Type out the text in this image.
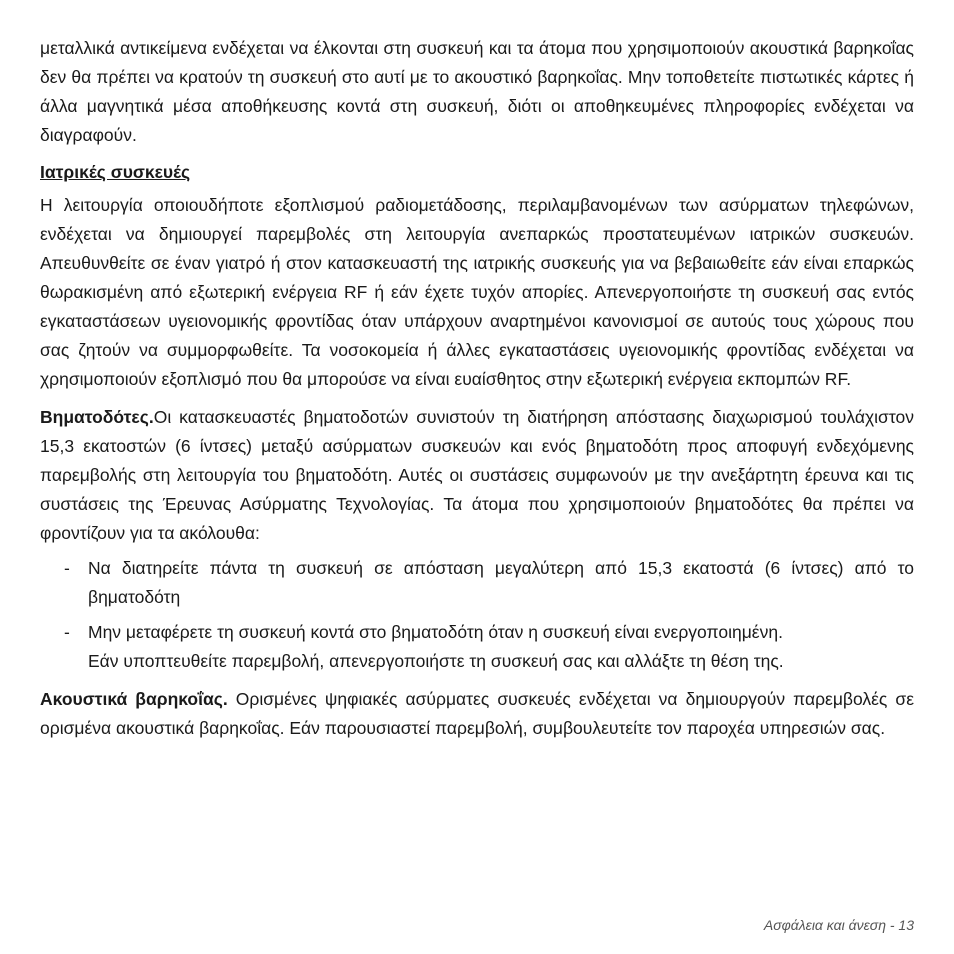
μεταλλικά αντικείμενα ενδέχεται να έλκονται στη συσκευή και τα άτομα που χρησιμοποιούν ακουστικά βαρηκοΐας δεν θα πρέπει να κρατούν τη συσκευή στο αυτί με το ακουστικό βαρηκοΐας. Μην τοποθετείτε πιστωτικές κάρτες ή άλλα μαγνητικά μέσα αποθήκευσης κοντά στη συσκευή, διότι οι αποθηκευμένες πληροφορίες ενδέχεται να διαγραφούν.

Ιατρικές συσκευές

Η λειτουργία οποιουδήποτε εξοπλισμού ραδιομετάδοσης, περιλαμβανομένων των ασύρματων τηλεφώνων, ενδέχεται να δημιουργεί παρεμβολές στη λειτουργία ανεπαρκώς προστατευμένων ιατρικών συσκευών. Απευθυνθείτε σε έναν γιατρό ή στον κατασκευαστή της ιατρικής συσκευής για να βεβαιωθείτε εάν είναι επαρκώς θωρακισμένη από εξωτερική ενέργεια RF ή εάν έχετε τυχόν απορίες. Απενεργοποιήστε τη συσκευή σας εντός εγκαταστάσεων υγειονομικής φροντίδας όταν υπάρχουν αναρτημένοι κανονισμοί σε αυτούς τους χώρους που σας ζητούν να συμμορφωθείτε. Τα νοσοκομεία ή άλλες εγκαταστάσεις υγειονομικής φροντίδας ενδέχεται να χρησιμοποιούν εξοπλισμό που θα μπορούσε να είναι ευαίσθητος στην εξωτερική ενέργεια εκπομπών RF.

Βηματοδότες.Οι κατασκευαστές βηματοδοτών συνιστούν τη διατήρηση απόστασης διαχωρισμού τουλάχιστον 15,3 εκατοστών (6 ίντσες) μεταξύ ασύρματων συσκευών και ενός βηματοδότη προς αποφυγή ενδεχόμενης παρεμβολής στη λειτουργία του βηματοδότη. Αυτές οι συστάσεις συμφωνούν με την ανεξάρτητη έρευνα και τις συστάσεις της Έρευνας Ασύρματης Τεχνολογίας. Τα άτομα που χρησιμοποιούν βηματοδότες θα πρέπει να φροντίζουν για τα ακόλουθα:

- Να διατηρείτε πάντα τη συσκευή σε απόσταση μεγαλύτερη από 15,3 εκατοστά (6 ίντσες) από το βηματοδότη

- Μην μεταφέρετε τη συσκευή κοντά στο βηματοδότη όταν η συσκευή είναι ενεργοποιημένη.

Εάν υποπτευθείτε παρεμβολή, απενεργοποιήστε τη συσκευή σας και αλλάξτε τη θέση της.

Ακουστικά βαρηκοΐας. Ορισμένες ψηφιακές ασύρματες συσκευές ενδέχεται να δημιουργούν παρεμβολές σε ορισμένα ακουστικά βαρηκοΐας. Εάν παρουσιαστεί παρεμβολή, συμβουλευτείτε τον παροχέα υπηρεσιών σας.

Ασφάλεια και άνεση - 13
